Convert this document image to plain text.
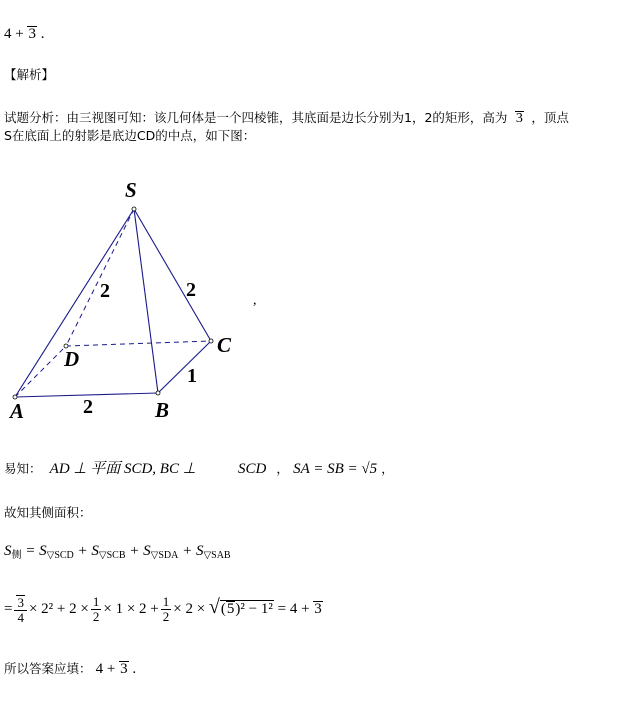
4 + 3 .
【解析】
试题分析：由三视图可知：该几何体是一个四棱锥，其底面是边长分别为1，2的矩形，高为 3 ，顶点
S在底面上的射影是底边CD的中点，如下图：
S
A	B
C
D
2	2
1
2
,
易知： AD ⊥ 平面 SCD, BC ⊥	SCD ， SA = SB = √5 ，
故知其侧面积：
$S_侧 = S_{▽SCD} + S_{▽SCB} + S_{▽SDA} + S_{▽SAB}$
= $\frac{3}{4} \times 2^2 + 2 \times \frac{1}{2} \times 1 \times 2 + \frac{1}{2} \times 2 \times √(5)^2 - 1^2 = 4 + 3$
所以答案应填： 4 + 3 .
